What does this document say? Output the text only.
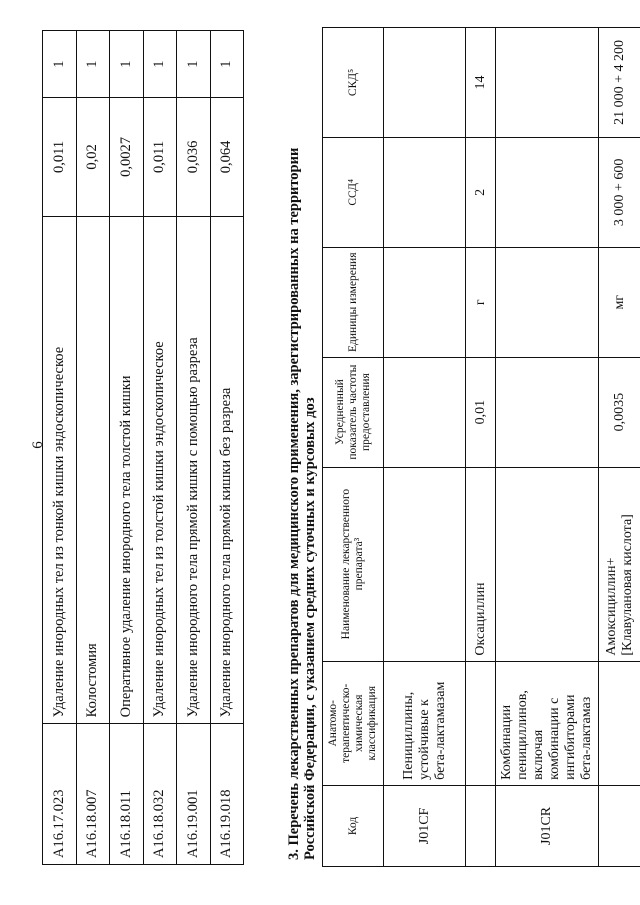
6
A16.17.023	Удаление инородных тел из тонкой кишки эндоскопическое	0,011	1
A16.18.007	Колостомия	0,02	1
A16.18.011	Оперативное удаление инородного тела толстой кишки	0,0027	1
A16.18.032	Удаление инородных тел из толстой кишки эндоскопическое	0,011	1
A16.19.001	Удаление инородного тела прямой кишки с помощью разреза	0,036	1
A16.19.018	Удаление инородного тела прямой кишки без разреза	0,064	1
3. Перечень лекарственных препаратов для медицинского применения, зарегистрированных на территории Российской Федерации, с указанием средних суточных и курсовых доз Код	Анатомо-терапевтическо-химическая классификация	Наименование лекарственного препарата³	Усредненный показатель частоты предоставления	Единицы измерения	ССД⁴	СКД⁵
J01CF	Пенициллины, устойчивые к бета-лактамазам					
		Оксациллин	0,01	г	2	14
J01CR	Комбинации пенициллинов, включая комбинации с ингибиторами бета-лактамаз					
		Амоксициллин+ [Клавулановая кислота]	0,0035	мг	3 000 + 600	21 000 + 4 200
